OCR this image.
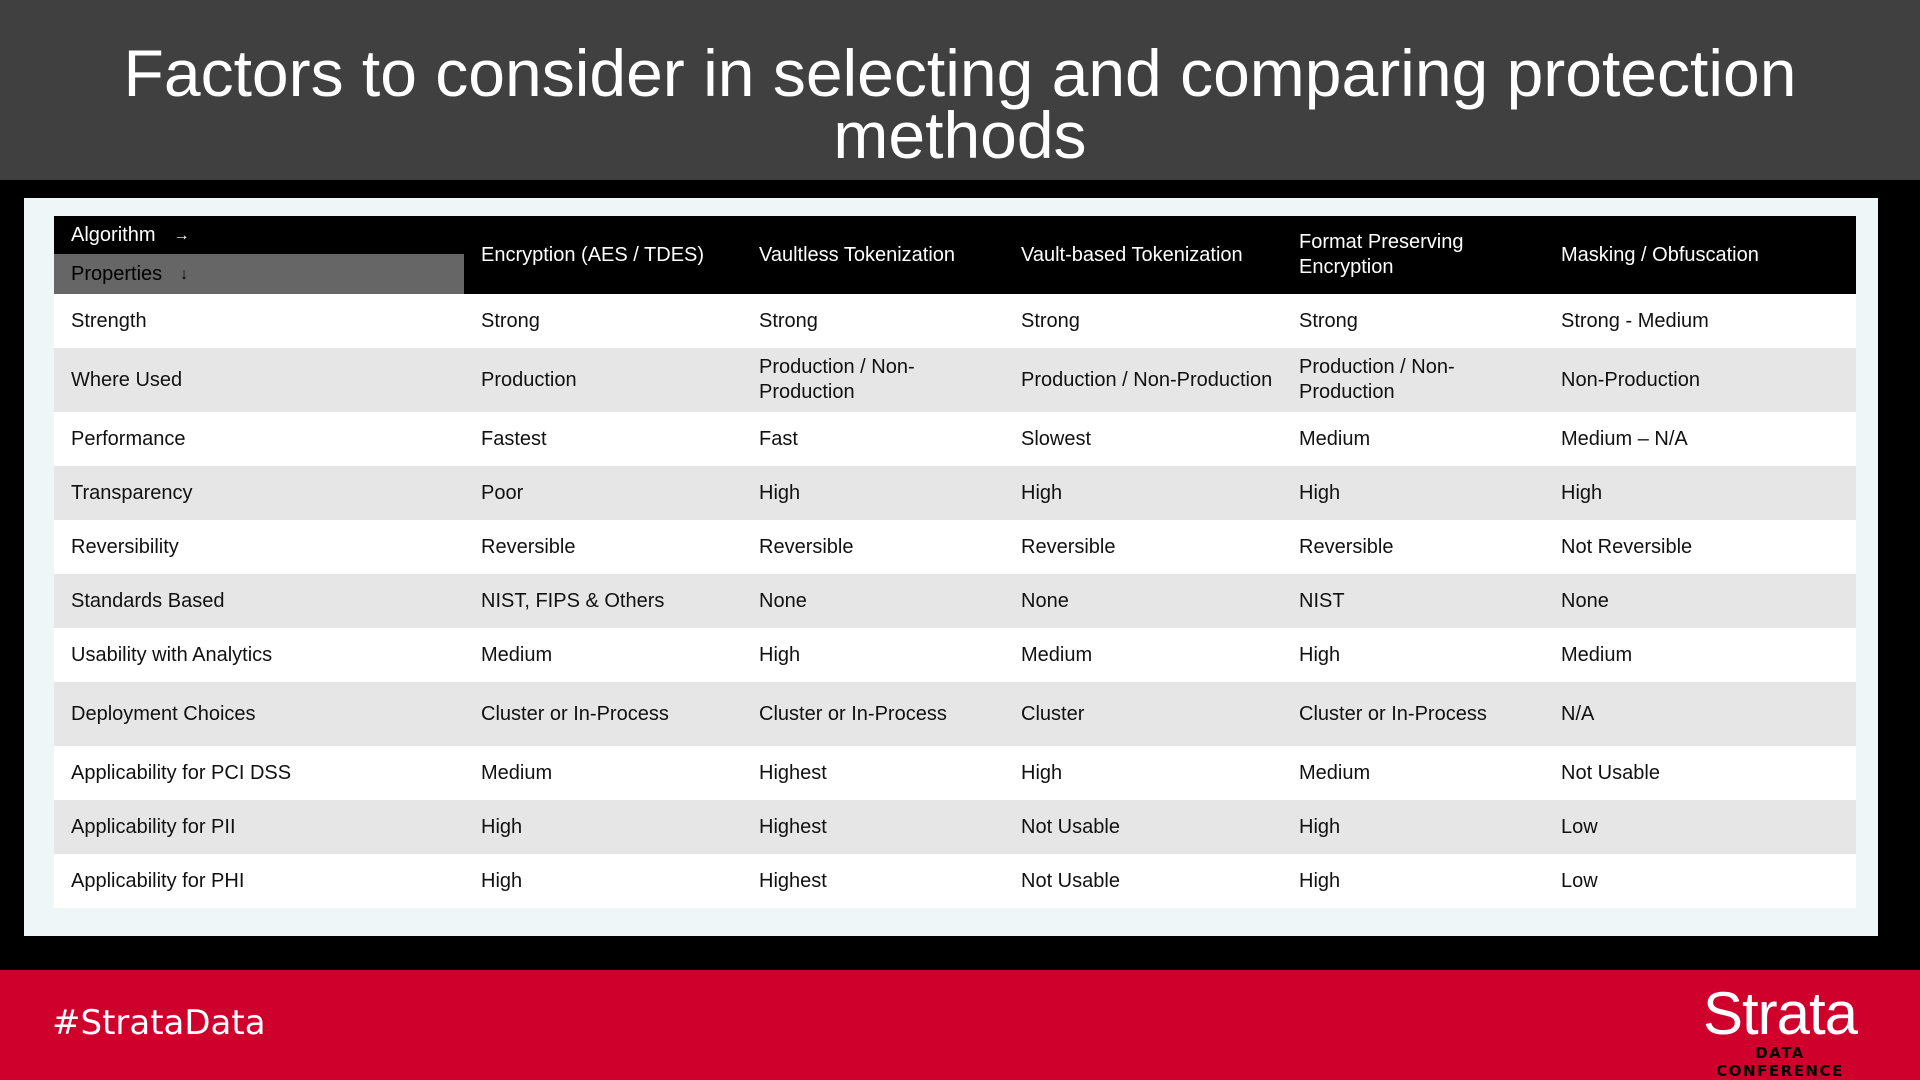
Factors to consider in selecting and comparing protection methods
Algorithm →
Properties ↓	Encryption (AES / TDES)	Vaultless Tokenization	Vault-based Tokenization	Format Preserving Encryption	Masking / Obfuscation
Strength	Strong	Strong	Strong	Strong	Strong - Medium
Where Used	Production	Production / Non-Production	Production / Non-Production	Production / Non-Production	Non-Production
Performance	Fastest	Fast	Slowest	Medium	Medium – N/A
Transparency	Poor	High	High	High	High
Reversibility	Reversible	Reversible	Reversible	Reversible	Not Reversible
Standards Based	NIST, FIPS & Others	None	None	NIST	None
Usability with Analytics	Medium	High	Medium	High	Medium
Deployment Choices	Cluster or In-Process	Cluster or In-Process	Cluster	Cluster or In-Process	N/A
Applicability for PCI DSS	Medium	Highest	High	Medium	Not Usable
Applicability for PII	High	Highest	Not Usable	High	Low
Applicability for PHI	High	Highest	Not Usable	High	Low
#StrataData	Strata
DATA CONFERENCE
